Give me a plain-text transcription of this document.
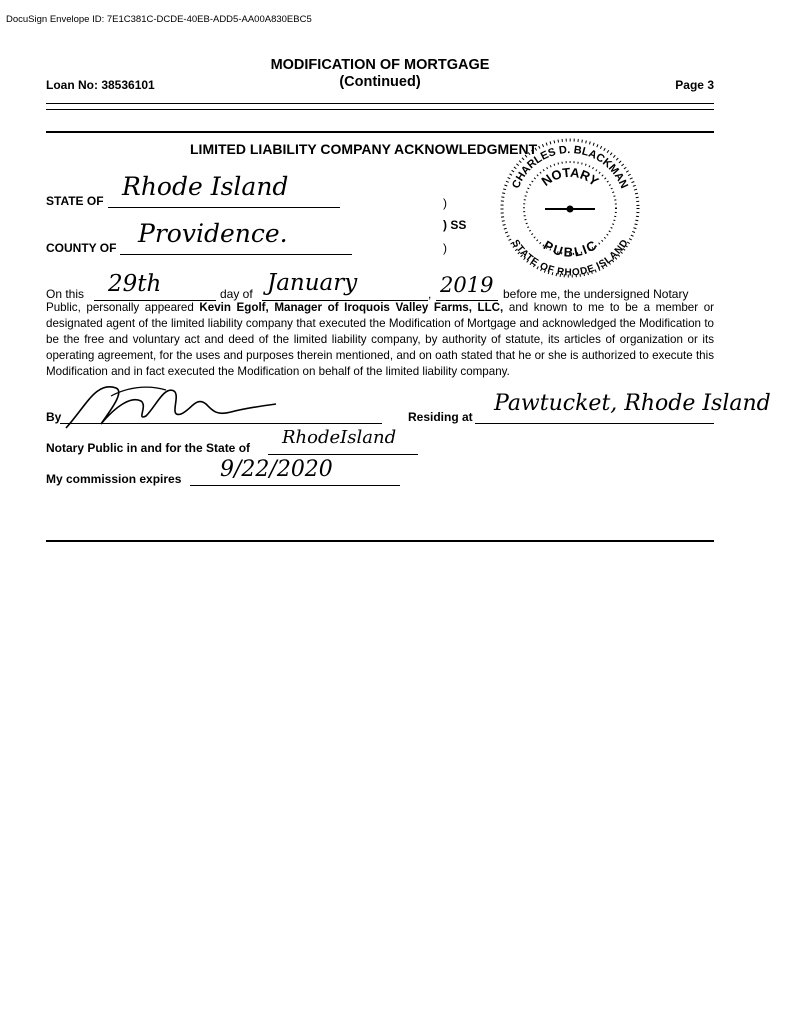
DocuSign Envelope ID: 7E1C381C-DCDE-40EB-ADD5-AA00A830EBC5
MODIFICATION OF MORTGAGE
(Continued)
Loan No: 38536101	Page 3
LIMITED LIABILITY COMPANY ACKNOWLEDGMENT
STATE OF Rhode Island
COUNTY OF Providence.
)
) SS
)
CHARLES D. BLACKMAN
STATE OF RHODE ISLAND
NOTARY
PUBLIC
On this 29th	day of January	, 2019 before me, the undersigned Notary
Public, personally appeared Kevin Egolf, Manager of Iroquois Valley Farms, LLC, and known to me to be a member or designated agent of the limited liability company that executed the Modification of Mortgage and acknowledged the Modification to be the free and voluntary act and deed of the limited liability company, by authority of statute, its articles of organization or its operating agreement, for the uses and purposes therein mentioned, and on oath stated that he or she is authorized to execute this Modification and in fact executed the Modification on behalf of the limited liability company.
By	Residing at
Pawtucket, Rhode Island
Notary Public in and for the State of RhodeIsland
My commission expires 9/22/2020
